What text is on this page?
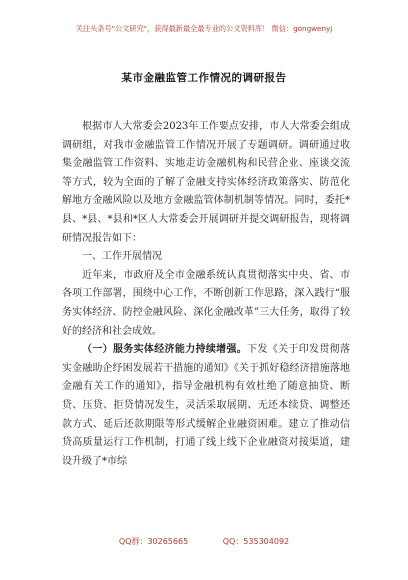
关注头条号"公文研究"，获得最新最全最专业的公文资料库！ 微信：gongwenyj
某市金融监管工作情况的调研报告

根据市人大常委会2023年工作要点安排，市人大常委会组成调研组，对我市金融监管工作情况开展了专题调研。调研通过收集金融监管工作资料、实地走访金融机构和民营企业、座谈交流等方式，较为全面的了解了金融支持实体经济政策落实、防范化解地方金融风险以及地方金融监管体制机制等情况。同时，委托*县、*县、*县和*区人大常委会开展调研并提交调研报告，现将调研情况报告如下：

一、工作开展情况

近年来，市政府及全市金融系统认真贯彻落实中央、省、市各项工作部署，围绕中心工作，不断创新工作思路，深入践行“服务实体经济、防控金融风险、深化金融改革”三大任务，取得了较好的经济和社会成效。

（一）服务实体经济能力持续增强。下发《关于印发贯彻落实金融助企纾困发展若干措施的通知》《关于抓好稳经济措施落地金融有关工作的通知》，指导金融机构有效杜绝了随意抽贷、断贷、压贷、拒贷情况发生，灵活采取展期、无还本续贷、调整还款方式、延后还款期限等形式缓解企业融资困难。建立了推动信贷高质量运行工作机制，打通了线上线下企业融资对接渠道，建设升级了*市综

QQ群：30265665	QQ：535304092
